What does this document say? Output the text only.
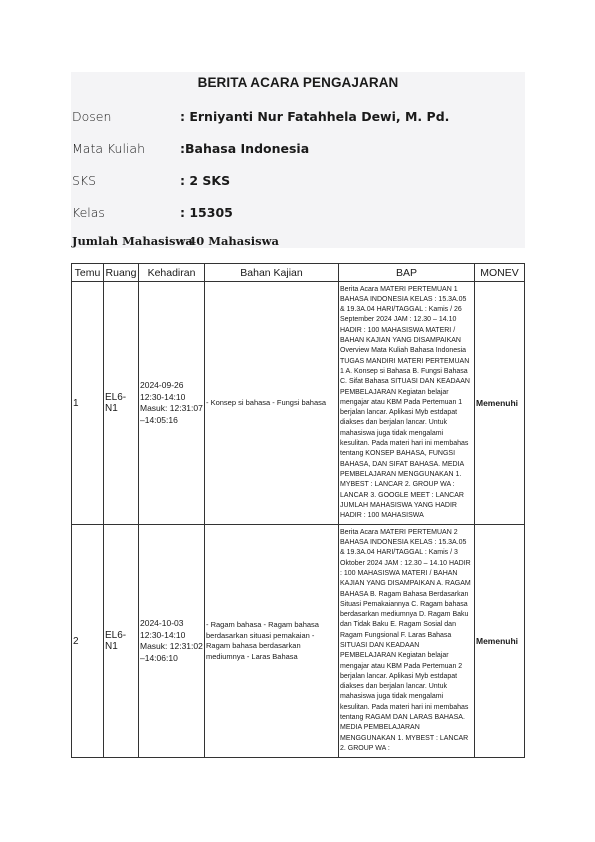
BERITA ACARA PENGAJARAN
Dosen	: Erniyanti Nur Fatahhela Dewi, M. Pd.
Mata Kuliah	:Bahasa Indonesia
SKS	: 2 SKS
Kelas	: 15305
Jumlah Mahasiswa
: 40 Mahasiswa
Temu	Ruang	Kehadiran	Bahan Kajian	BAP	MONEV
1	EL6-N1	2024-09-26 12:30-14:10 Masuk: 12:31:07 –14:05:16	- Konsep si bahasa - Fungsi bahasa	Berita Acara MATERI PERTEMUAN 1 BAHASA INDONESIA KELAS : 15.3A.05 & 19.3A.04 HARI/TAGGAL : Kamis / 26 September 2024 JAM : 12.30 – 14.10 HADIR : 100 MAHASISWA MATERI / BAHAN KAJIAN YANG DISAMPAIKAN Overview Mata Kuliah Bahasa Indonesia TUGAS MANDIRI MATERI PERTEMUAN 1 A. Konsep si Bahasa B. Fungsi Bahasa C. Sifat Bahasa SITUASI DAN KEADAAN PEMBELAJARAN Kegiatan belajar mengajar atau KBM Pada Pertemuan 1 berjalan lancar. Aplikasi Myb estdapat diakses dan berjalan lancar. Untuk mahasiswa juga tidak mengalami kesulitan. Pada materi hari ini membahas tentang KONSEP BAHASA, FUNGSI BAHASA, DAN SIFAT BAHASA. MEDIA PEMBELAJARAN MENGGUNAKAN 1. MYBEST : LANCAR 2. GROUP WA : LANCAR 3. GOOGLE MEET : LANCAR JUMLAH MAHASISWA YANG HADIR HADIR : 100 MAHASISWA	Memenuhi
2	EL6-N1	2024-10-03 12:30-14:10 Masuk: 12:31:02 –14:06:10	- Ragam bahasa - Ragam bahasa berdasarkan situasi pemakaian - Ragam bahasa berdasarkan mediumnya - Laras Bahasa	Berita Acara MATERI PERTEMUAN 2 BAHASA INDONESIA KELAS : 15.3A.05 & 19.3A.04 HARI/TAGGAL : Kamis / 3 Oktober 2024 JAM : 12.30 – 14.10 HADIR : 100 MAHASISWA MATERI / BAHAN KAJIAN YANG DISAMPAIKAN A. RAGAM BAHASA B. Ragam Bahasa Berdasarkan Situasi Pemakaiannya C. Ragam bahasa berdasarkan mediumnya D. Ragam Baku dan Tidak Baku E. Ragam Sosial dan Ragam Fungsional F. Laras Bahasa SITUASI DAN KEADAAN PEMBELAJARAN Kegiatan belajar mengajar atau KBM Pada Pertemuan 2 berjalan lancar. Aplikasi Myb estdapat diakses dan berjalan lancar. Untuk mahasiswa juga tidak mengalami kesulitan. Pada materi hari ini membahas tentang RAGAM DAN LARAS BAHASA. MEDIA PEMBELAJARAN MENGGUNAKAN 1. MYBEST : LANCAR 2. GROUP WA :	Memenuhi
